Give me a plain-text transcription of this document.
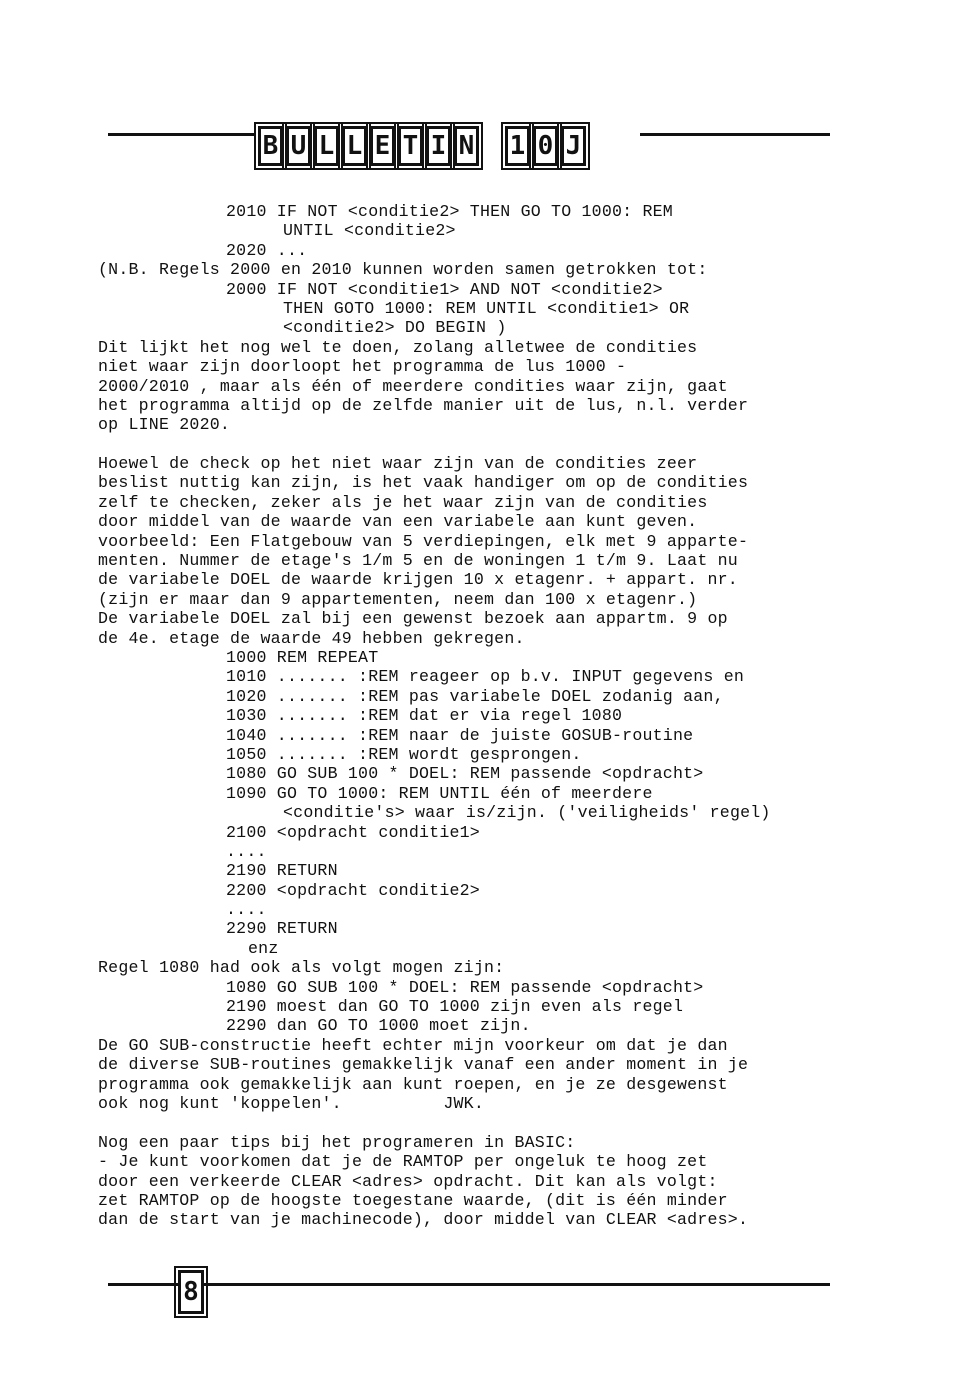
B U L L E T I N 1 0 J
2010 IF NOT <conditie2> THEN GO TO 1000: REM
UNTIL <conditie2>
2020 ...
(N.B. Regels 2000 en 2010 kunnen worden samen getrokken tot:
2000 IF NOT <conditie1> AND NOT <conditie2>
THEN GOTO 1000: REM UNTIL <conditie1> OR
<conditie2> DO BEGIN )
Dit lijkt het nog wel te doen, zolang alletwee de condities
niet waar zijn doorloopt het programma de lus 1000 -
2000/2010 , maar als één of meerdere condities waar zijn, gaat
het programma altijd op de zelfde manier uit de lus, n.l. verder
op LINE 2020.
Hoewel de check op het niet waar zijn van de condities zeer
beslist nuttig kan zijn, is het vaak handiger om op de condities
zelf te checken, zeker als je het waar zijn van de condities
door middel van de waarde van een variabele aan kunt geven.
voorbeeld: Een Flatgebouw van 5 verdiepingen, elk met 9 apparte-
menten. Nummer de etage's 1/m 5 en de woningen 1 t/m 9. Laat nu
de variabele DOEL de waarde krijgen 10 x etagenr. + appart. nr.
(zijn er maar dan 9 appartementen, neem dan 100 x etagenr.)
De variabele DOEL zal bij een gewenst bezoek aan appartm. 9 op
de 4e. etage de waarde 49 hebben gekregen.
1000 REM REPEAT
1010 ....... :REM reageer op b.v. INPUT gegevens en
1020 ....... :REM pas variabele DOEL zodanig aan,
1030 ....... :REM dat er via regel 1080
1040 ....... :REM naar de juiste GOSUB-routine
1050 ....... :REM wordt gesprongen.
1080 GO SUB 100 * DOEL: REM passende <opdracht>
1090 GO TO 1000: REM UNTIL één of meerdere
<conditie's> waar is/zijn. ('veiligheids' regel)
2100 <opdracht conditie1>
....
2190 RETURN
2200 <opdracht conditie2>
....
2290 RETURN
enz
Regel 1080 had ook als volgt mogen zijn:
1080 GO SUB 100 * DOEL: REM passende <opdracht>
2190 moest dan GO TO 1000 zijn even als regel
2290 dan GO TO 1000 moet zijn.
De GO SUB-constructie heeft echter mijn voorkeur om dat je dan
de diverse SUB-routines gemakkelijk vanaf een ander moment in je
programma ook gemakkelijk aan kunt roepen, en je ze desgewenst
ook nog kunt 'koppelen'.          JWK.
Nog een paar tips bij het programeren in BASIC:
- Je kunt voorkomen dat je de RAMTOP per ongeluk te hoog zet
door een verkeerde CLEAR <adres> opdracht. Dit kan als volgt:
zet RAMTOP op de hoogste toegestane waarde, (dit is één minder
dan de start van je machinecode), door middel van CLEAR <adres>.
8
